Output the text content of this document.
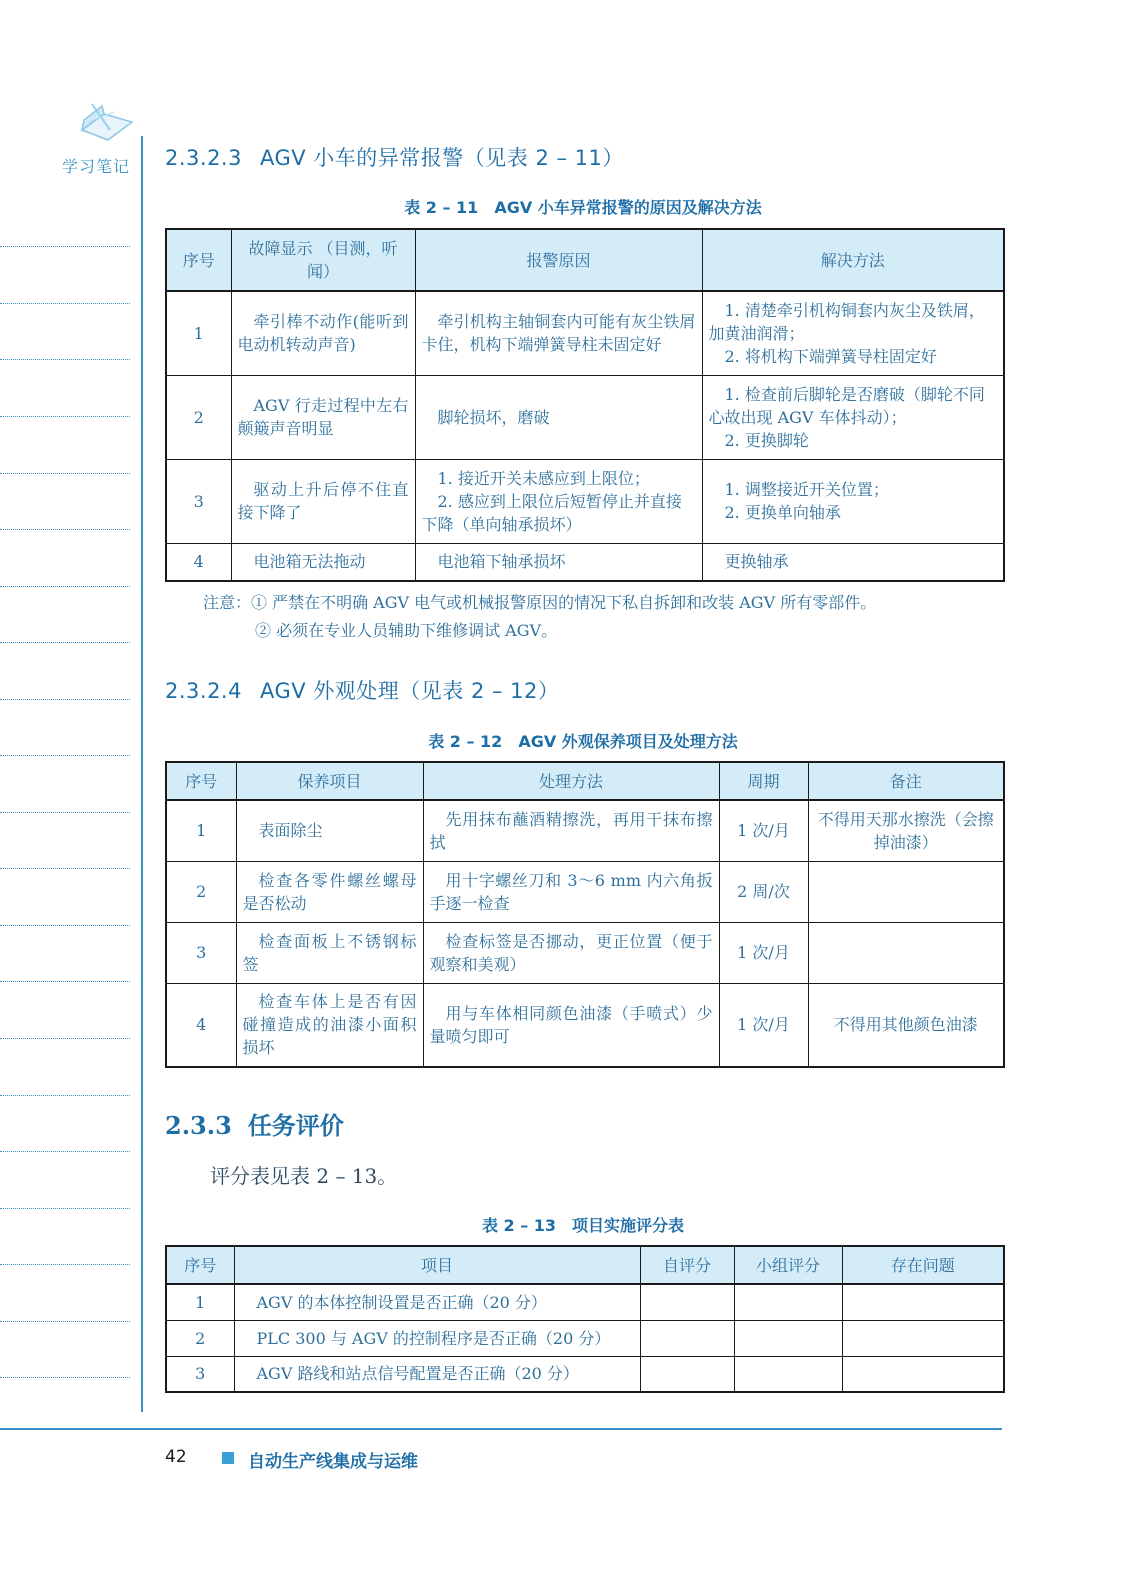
学习笔记 2.3.2.3 AGV 小车的异常报警（见表 2 – 11）
表 2 – 11　AGV 小车异常报警的原因及解决方法
序号	故障显示 （目测，听闻）	报警原因	解决方法
1	牵引棒不动作(能听到电动机转动声音)	牵引机构主轴铜套内可能有灰尘铁屑卡住，机构下端弹簧导柱未固定好	1. 清楚牵引机构铜套内灰尘及铁屑，加黄油润滑；
2. 将机构下端弹簧导柱固定好

2	AGV 行走过程中左右颠簸声音明显	脚轮损坏，磨破	1. 检查前后脚轮是否磨破（脚轮不同心故出现 AGV 车体抖动）；
2. 更换脚轮

3	驱动上升后停不住直接下降了	1. 接近开关未感应到上限位；
2. 感应到上限位后短暂停止并直接下降（单向轴承损坏）	1. 调整接近开关位置；
2. 更换单向轴承

4	电池箱无法拖动	电池箱下轴承损坏	更换轴承
注意：① 严禁在不明确 AGV 电气或机械报警原因的情况下私自拆卸和改装 AGV 所有零部件。
② 必须在专业人员辅助下维修调试 AGV。
2.3.2.4 AGV 外观处理（见表 2 – 12）
表 2 – 12　AGV 外观保养项目及处理方法
序号	保养项目	处理方法	周期	备注
1	表面除尘	先用抹布蘸酒精擦洗，再用干抹布擦拭	1 次/月	不得用天那水擦洗（会擦掉油漆）
2	检查各零件螺丝螺母是否松动	用十字螺丝刀和 3～6 mm 内六角扳手逐一检查	2 周/次	
3	检查面板上不锈钢标签	检查标签是否挪动，更正位置（便于观察和美观）	1 次/月	
4	检查车体上是否有因碰撞造成的油漆小面积损坏	用与车体相同颜色油漆（手喷式）少量喷匀即可	1 次/月	不得用其他颜色油漆
2.3.3 任务评价
评分表见表 2 – 13。
表 2 – 13　项目实施评分表
序号	项目	自评分	小组评分	存在问题
1	AGV 的本体控制设置是否正确（20 分）			
2	PLC 300 与 AGV 的控制程序是否正确（20 分）			
3	AGV 路线和站点信号配置是否正确（20 分）			
42	自动生产线集成与运维
